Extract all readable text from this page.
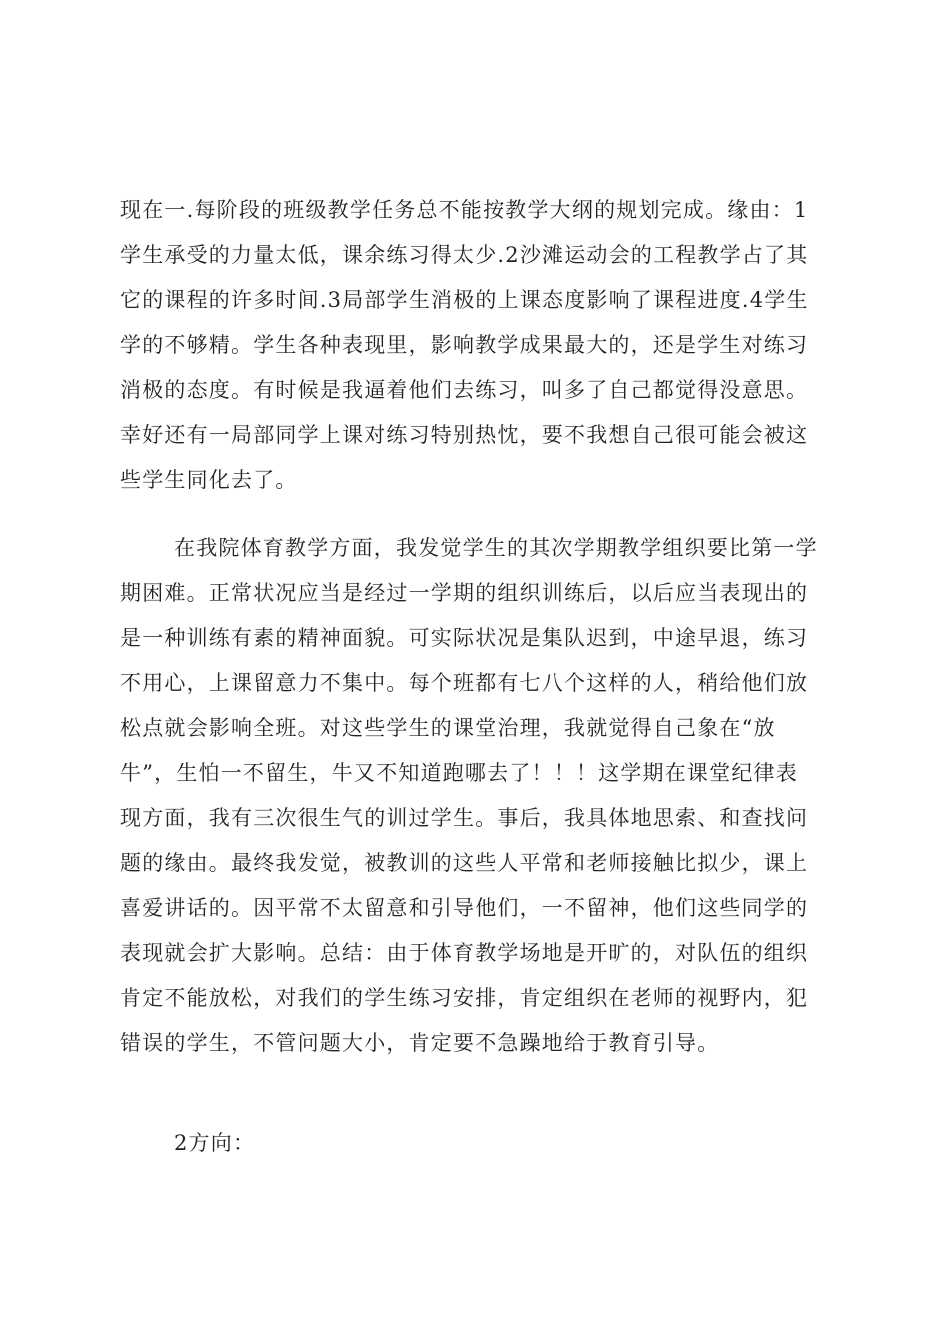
现在一.每阶段的班级教学任务总不能按教学大纲的规划完成。缘由：1
学生承受的力量太低，课余练习得太少.2沙滩运动会的工程教学占了其
它的课程的许多时间.3局部学生消极的上课态度影响了课程进度.4学生
学的不够精。学生各种表现里，影响教学成果最大的，还是学生对练习
消极的态度。有时候是我逼着他们去练习，叫多了自己都觉得没意思。
幸好还有一局部同学上课对练习特别热忱，要不我想自己很可能会被这
些学生同化去了。
在我院体育教学方面，我发觉学生的其次学期教学组织要比第一学
期困难。正常状况应当是经过一学期的组织训练后，以后应当表现出的
是一种训练有素的精神面貌。可实际状况是集队迟到，中途早退，练习
不用心，上课留意力不集中。每个班都有七八个这样的人，稍给他们放
松点就会影响全班。对这些学生的课堂治理，我就觉得自己象在“放
牛”，生怕一不留生，牛又不知道跑哪去了！！！这学期在课堂纪律表
现方面，我有三次很生气的训过学生。事后，我具体地思索、和查找问
题的缘由。最终我发觉，被教训的这些人平常和老师接触比拟少，课上
喜爱讲话的。因平常不太留意和引导他们，一不留神，他们这些同学的
表现就会扩大影响。总结：由于体育教学场地是开旷的，对队伍的组织
肯定不能放松，对我们的学生练习安排，肯定组织在老师的视野内，犯
错误的学生，不管问题大小，肯定要不急躁地给于教育引导。
2方向：
